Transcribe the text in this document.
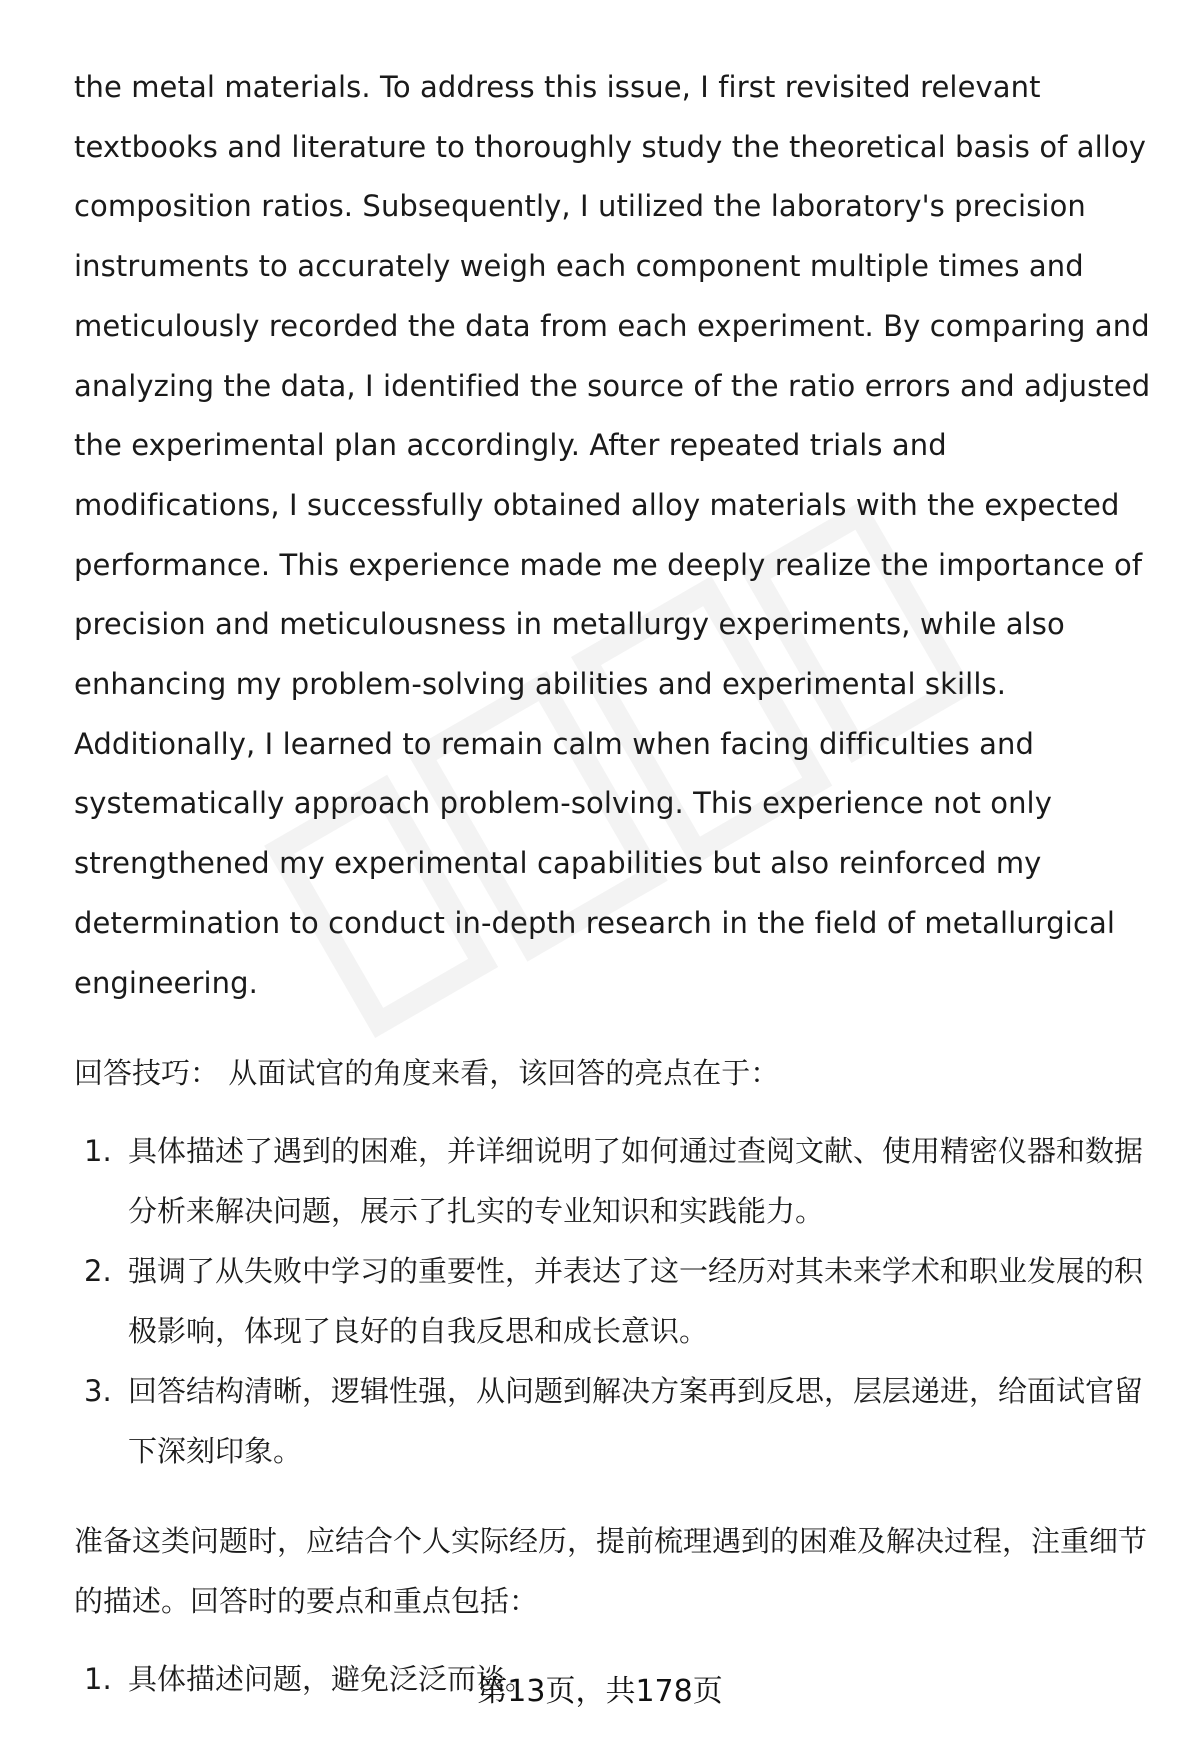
the metal materials. To address this issue, I first revisited relevant textbooks and literature to thoroughly study the theoretical basis of alloy composition ratios. Subsequently, I utilized the laboratory's precision instruments to accurately weigh each component multiple times and meticulously recorded the data from each experiment. By comparing and analyzing the data, I identified the source of the ratio errors and adjusted the experimental plan accordingly. After repeated trials and modifications, I successfully obtained alloy materials with the expected performance. This experience made me deeply realize the importance of precision and meticulousness in metallurgy experiments, while also enhancing my problem-solving abilities and experimental skills. Additionally, I learned to remain calm when facing difficulties and systematically approach problem-solving. This experience not only strengthened my experimental capabilities but also reinforced my determination to conduct in-depth research in the field of metallurgical engineering.

回答技巧： 从面试官的角度来看，该回答的亮点在于：

1. 具体描述了遇到的困难，并详细说明了如何通过查阅文献、使用精密仪器和数据分析来解决问题，展示了扎实的专业知识和实践能力。
2. 强调了从失败中学习的重要性，并表达了这一经历对其未来学术和职业发展的积极影响，体现了良好的自我反思和成长意识。
3. 回答结构清晰，逻辑性强，从问题到解决方案再到反思，层层递进，给面试官留下深刻印象。

准备这类问题时，应结合个人实际经历，提前梳理遇到的困难及解决过程，注重细节的描述。回答时的要点和重点包括：

1. 具体描述问题，避免泛泛而谈。
第13页，共178页
